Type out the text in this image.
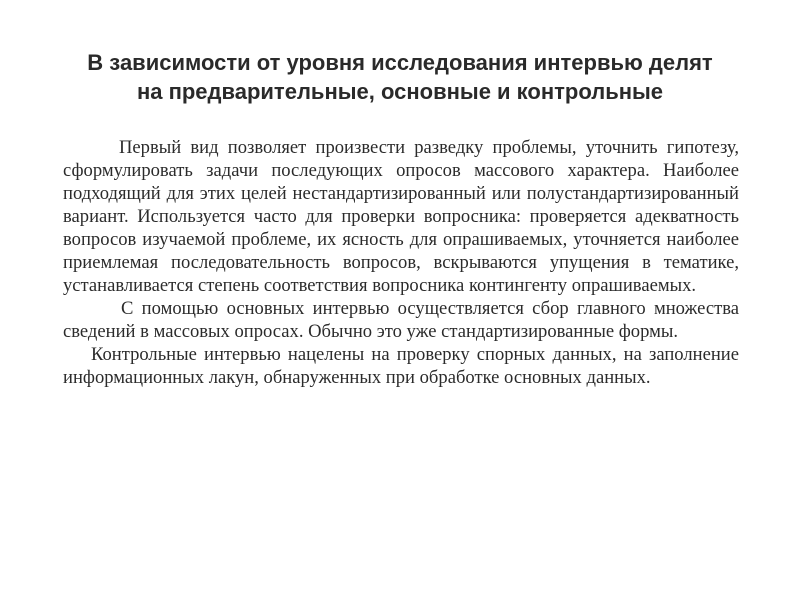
В зависимости от уровня исследования интервью делят
на предварительные, основные и контрольные

Первый вид позволяет произвести разведку проблемы, уточнить гипотезу, сформулировать задачи последующих опросов массового характера. Наиболее подходящий для этих целей нестандартизированный или полустандартизированный вариант. Используется часто для проверки вопросника: проверяется адекватность вопросов изучаемой проблеме, их ясность для опрашиваемых, уточняется наиболее приемлемая последовательность вопросов, вскрываются упущения в тематике, устанавливается степень соответствия вопросника контингенту опрашиваемых.

С помощью основных интервью осуществляется сбор главного множества сведений в массовых опросах. Обычно это уже стандартизированные формы.

Контрольные интервью нацелены на проверку спорных данных, на заполнение информационных лакун, обнаруженных при обработке основных данных.
